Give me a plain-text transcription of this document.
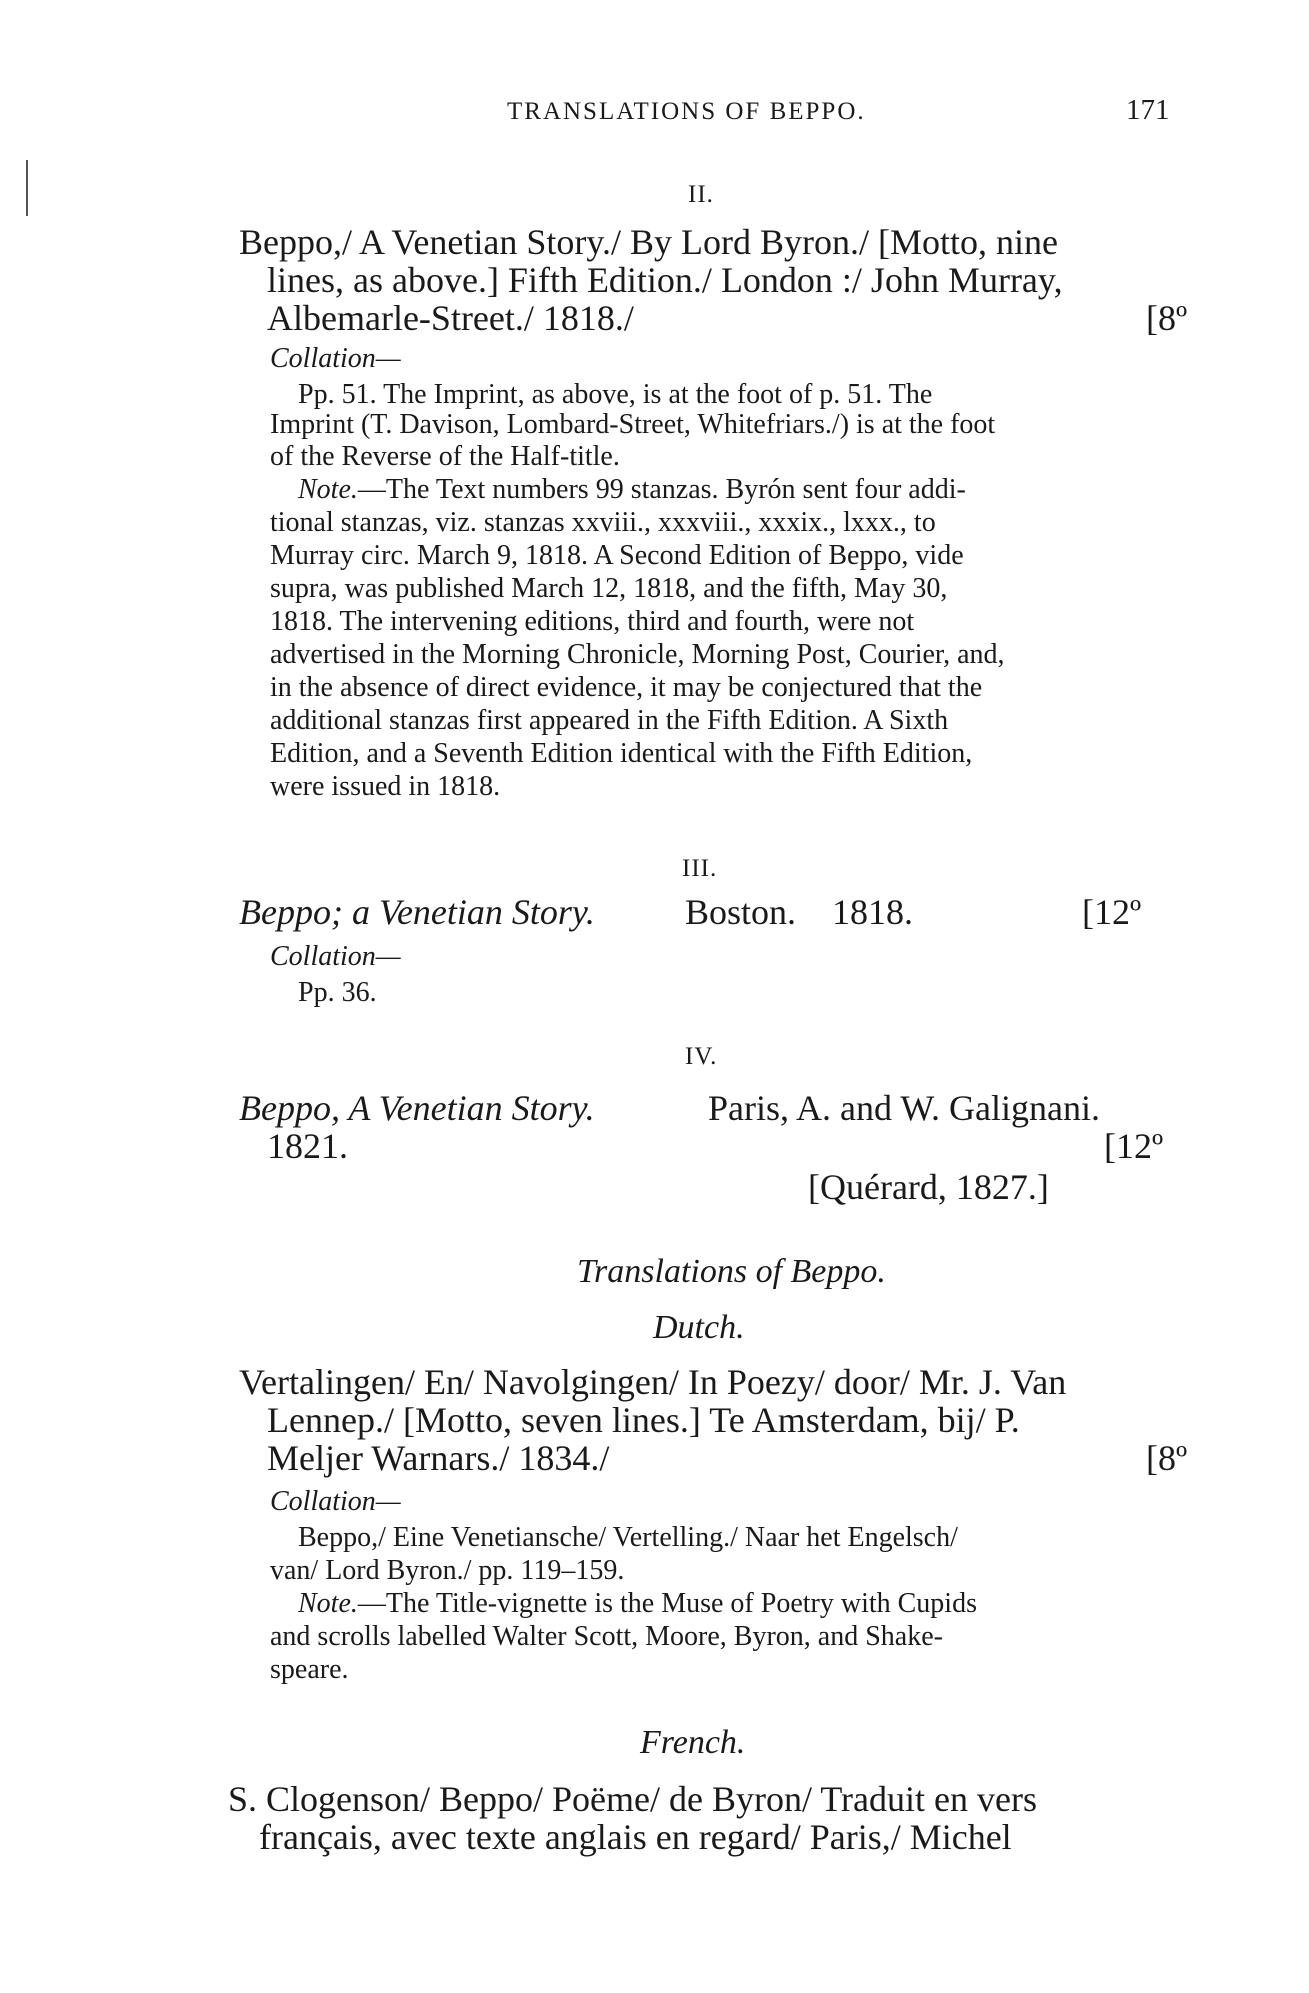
TRANSLATIONS OF BEPPO.	171
II.
Beppo,/ A Venetian Story./ By Lord Byron./ [Motto, nine
lines, as above.] Fifth Edition./ London :/ John Murray,
Albemarle-Street./ 1818./	[8º
Collation—
Pp. 51. The Imprint, as above, is at the foot of p. 51. The
Imprint (T. Davison, Lombard-Street, Whitefriars./) is at the foot
of the Reverse of the Half-title.
Note.—The Text numbers 99 stanzas. Byrón sent four addi-
tional stanzas, viz. stanzas xxviii., xxxviii., xxxix., lxxx., to
Murray circ. March 9, 1818. A Second Edition of Beppo, vide
supra, was published March 12, 1818, and the fifth, May 30,
1818. The intervening editions, third and fourth, were not
advertised in the Morning Chronicle, Morning Post, Courier, and,
in the absence of direct evidence, it may be conjectured that the
additional stanzas first appeared in the Fifth Edition. A Sixth
Edition, and a Seventh Edition identical with the Fifth Edition,
were issued in 1818.
III.
Beppo; a Venetian Story.	Boston. 1818.	[12º
Collation—
Pp. 36.
IV.
Beppo, A Venetian Story.	Paris, A. and W. Galignani.
1821.	[12º
[Quérard, 1827.]
Translations of Beppo.
Dutch.
Vertalingen/ En/ Navolgingen/ In Poezy/ door/ Mr. J. Van
Lennep./ [Motto, seven lines.] Te Amsterdam, bij/ P.
Meljer Warnars./ 1834./	[8º
Collation—
Beppo,/ Eine Venetiansche/ Vertelling./ Naar het Engelsch/
van/ Lord Byron./ pp. 119–159.
Note.—The Title-vignette is the Muse of Poetry with Cupids
and scrolls labelled Walter Scott, Moore, Byron, and Shake-
speare.
French.
S. Clogenson/ Beppo/ Poëme/ de Byron/ Traduit en vers
français, avec texte anglais en regard/ Paris,/ Michel
